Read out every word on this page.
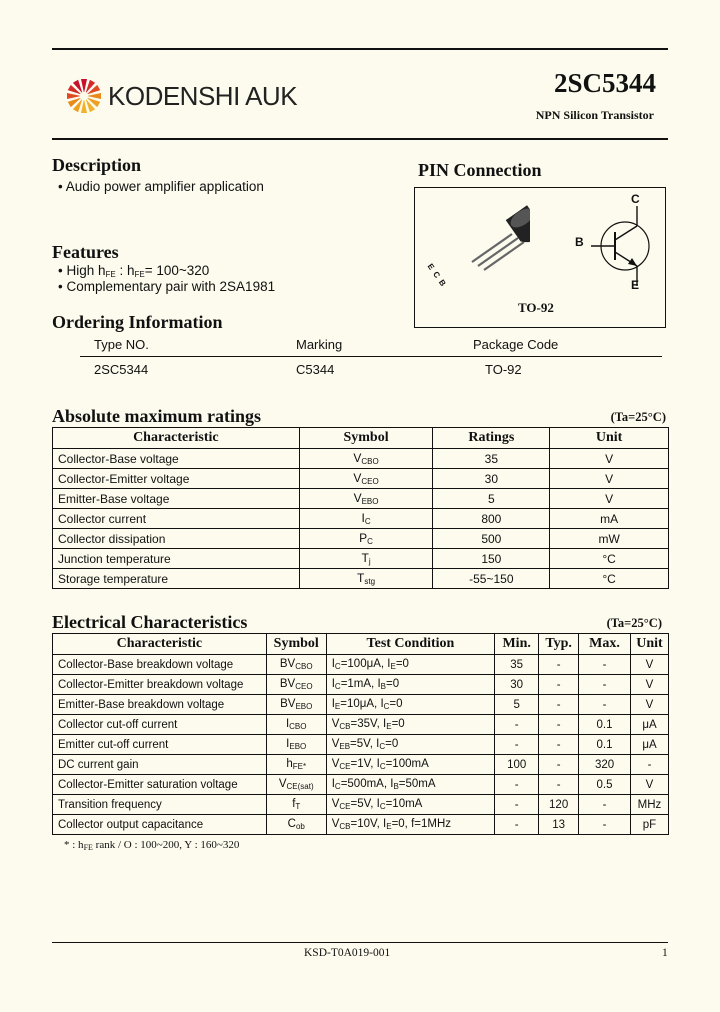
KODENSHI AUK	2SC5344
NPN Silicon Transistor
Description
• Audio power amplifier application
Features
• High $h_{FE}$ : $h_{FE}=$ 100~320
• Complementary pair with 2SA1981
Ordering Information
Type NO.	Marking	Package Code
2SC5344	C5344	TO-92
PIN Connection
E C B
C
B
E
TO-92
Absolute maximum ratings	(Ta=25°C)
Characteristic	Symbol	Ratings	Unit
Collector-Base voltage	$V_{CBO}$	35	V
Collector-Emitter voltage	$V_{CEO}$	30	V
Emitter-Base voltage	$V_{EBO}$	5	V
Collector current	$I_C$	800	mA
Collector dissipation	$P_C$	500	mW
Junction temperature	$T_j$	150	°C
Storage temperature	$T_{stg}$	-55~150	°C
Electrical Characteristics	(Ta=25°C)
Characteristic	Symbol	Test Condition	Min.	Typ.	Max.	Unit
Collector-Base breakdown voltage	$BV_{CBO}$	$I_C=100\mu A$, $I_E=0$	35	-	-	V
Collector-Emitter breakdown voltage	$BV_{CEO}$	$I_C=1mA$, $I_B=0$	30	-	-	V
Emitter-Base breakdown voltage	$BV_{EBO}$	$I_E=10\mu A$, $I_C=0$	5	-	-	V
Collector cut-off current	$I_{CBO}$	$V_{CB}=35V$, $I_E=0$	-	-	0.1	μA
Emitter cut-off current	$I_{EBO}$	$V_{EB}=5V$, $I_C=0$	-	-	0.1	μA
DC current gain	$h_{FE*}$	$V_{CE}=1V$, $I_C=100mA$	100	-	320	-
Collector-Emitter saturation voltage	$V_{CE(sat)}$	$I_C=500mA$, $I_B=50mA$	-	-	0.5	V
Transition frequency	$f_T$	$V_{CE}=5V$, $I_C=10mA$	-	120	-	MHz
Collector output capacitance	$C_{ob}$	$V_{CB}=10V$, $I_E=0$, f=1MHz	-	13	-	pF
* : $h_{FE}$ rank / O : 100~200, Y : 160~320
KSD-T0A019-001	1
